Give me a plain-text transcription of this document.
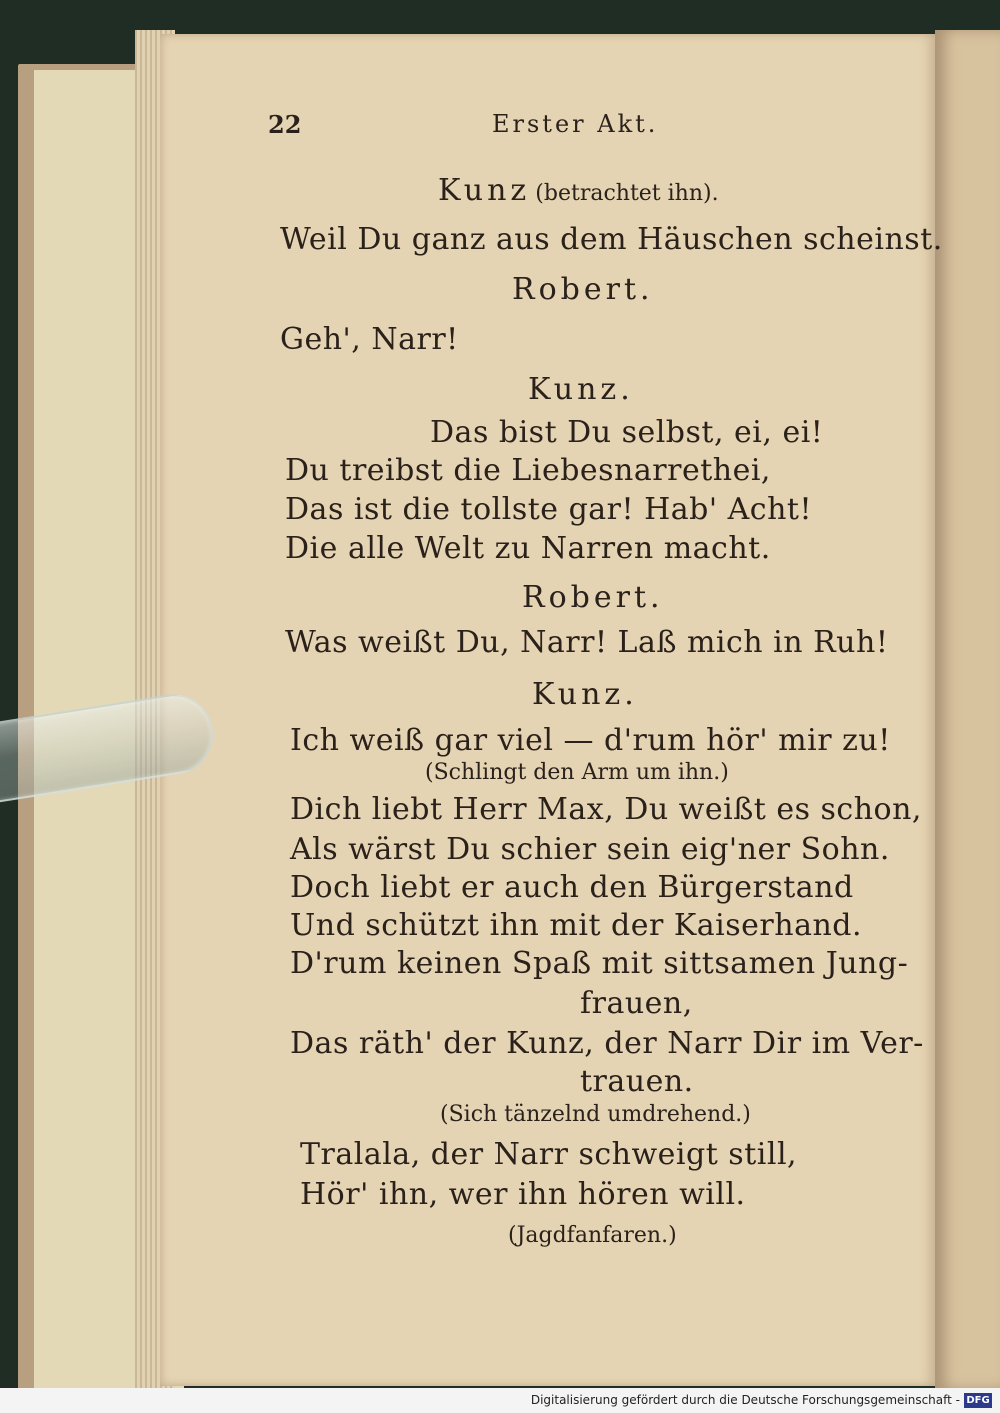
22	Erster Akt.
Kunz (betrachtet ihn).
Weil Du ganz aus dem Häuschen scheinst.
Robert.
Geh', Narr!
Kunz.
Das bist Du selbst, ei, ei!
Du treibst die Liebesnarrethei,
Das ist die tollste gar! Hab' Acht!
Die alle Welt zu Narren macht.
Robert.
Was weißt Du, Narr! Laß mich in Ruh!
Kunz.
Ich weiß gar viel — d'rum hör' mir zu!
(Schlingt den Arm um ihn.)
Dich liebt Herr Max, Du weißt es schon,
Als wärst Du schier sein eig'ner Sohn.
Doch liebt er auch den Bürgerstand
Und schützt ihn mit der Kaiserhand.
D'rum keinen Spaß mit sittsamen Jung-
frauen,
Das räth' der Kunz, der Narr Dir im Ver-
trauen.
(Sich tänzelnd umdrehend.)
Tralala, der Narr schweigt still,
Hör' ihn, wer ihn hören will.
(Jagdfanfaren.)
Digitalisierung gefördert durch die Deutsche Forschungsgemeinschaft - DFG
